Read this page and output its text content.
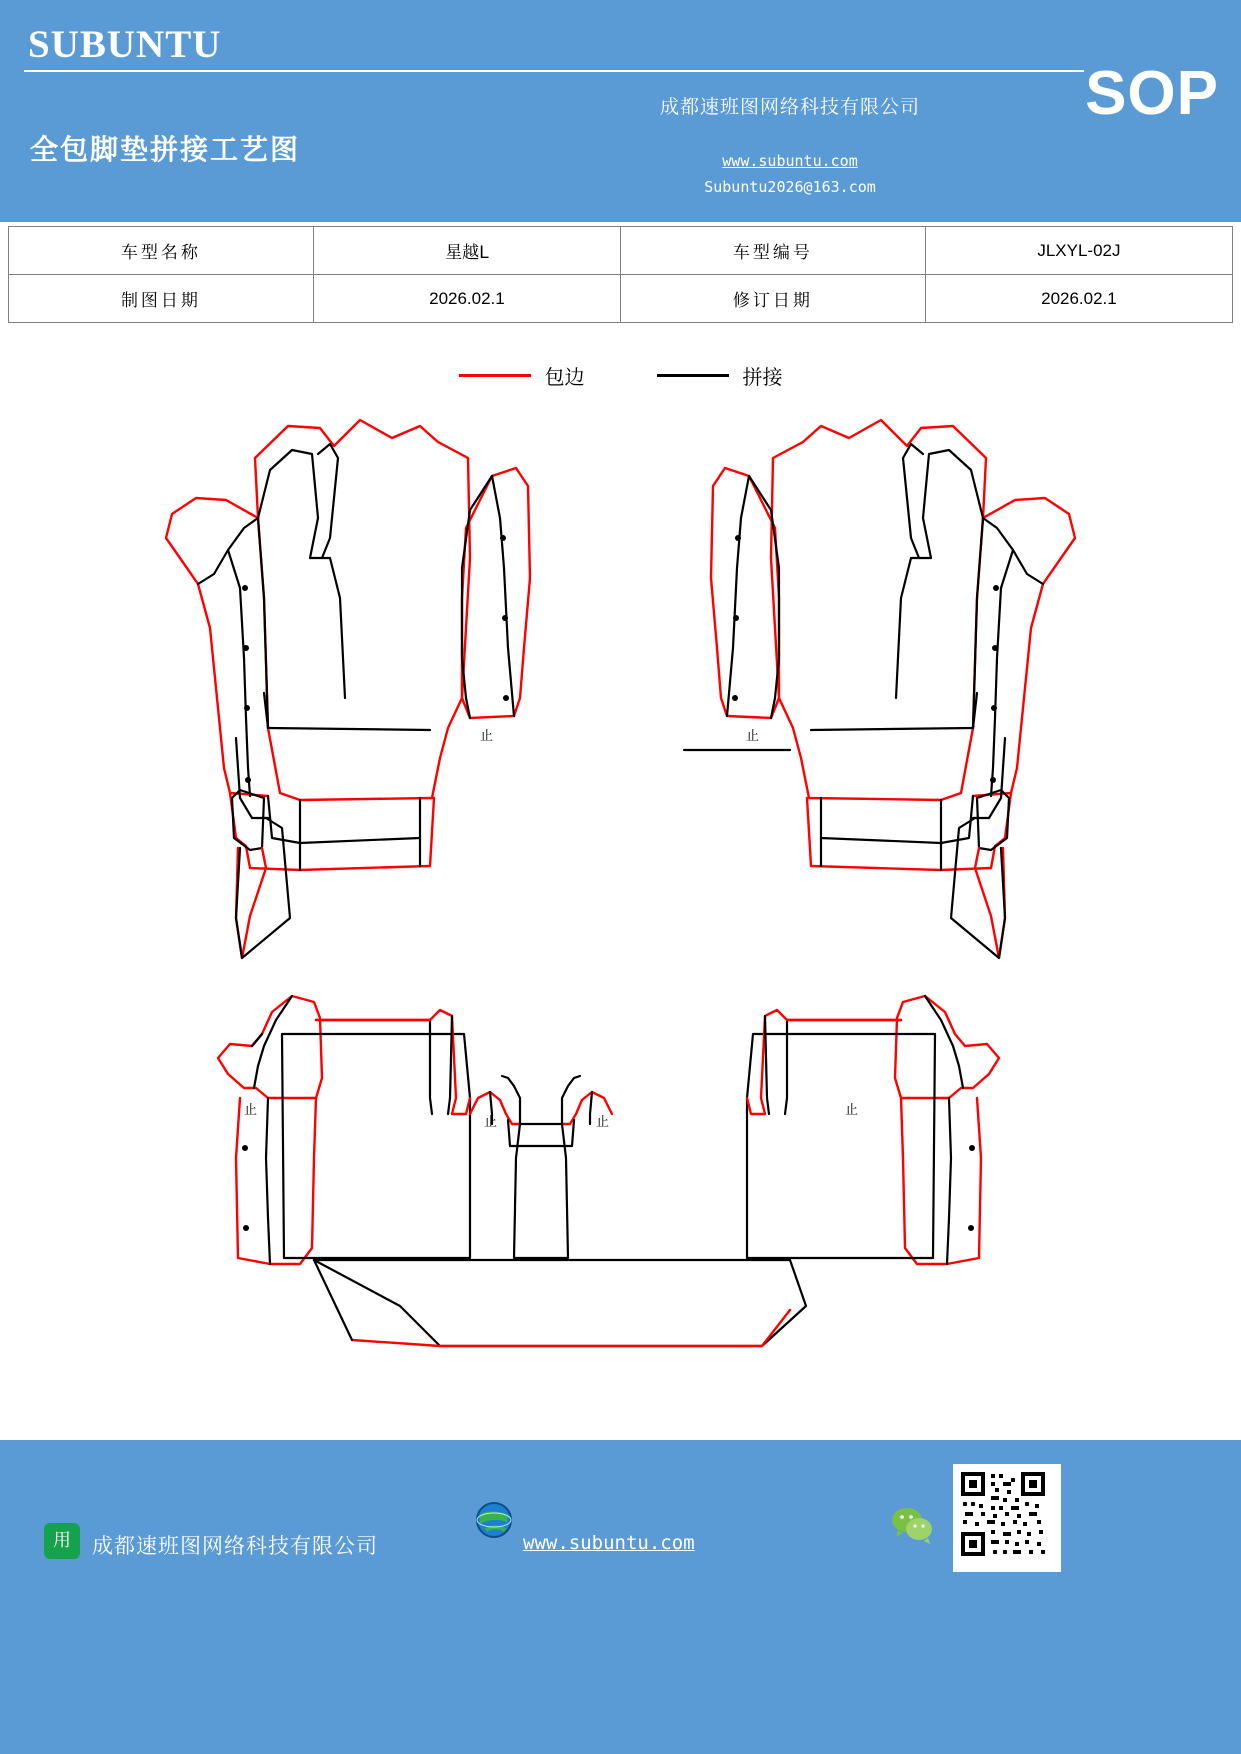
SUBUNTU
全包脚垫拼接工艺图
成都速班图网络科技有限公司
www.subuntu.com
Subuntu2026@163.com
SOP
车型名称	星越L	车型编号	JLXYL-02J
制图日期	2026.02.1	修订日期	2026.02.1
包边	拼接
止	止
止
止
止
止
用	成都速班图网络科技有限公司	www.subuntu.com
